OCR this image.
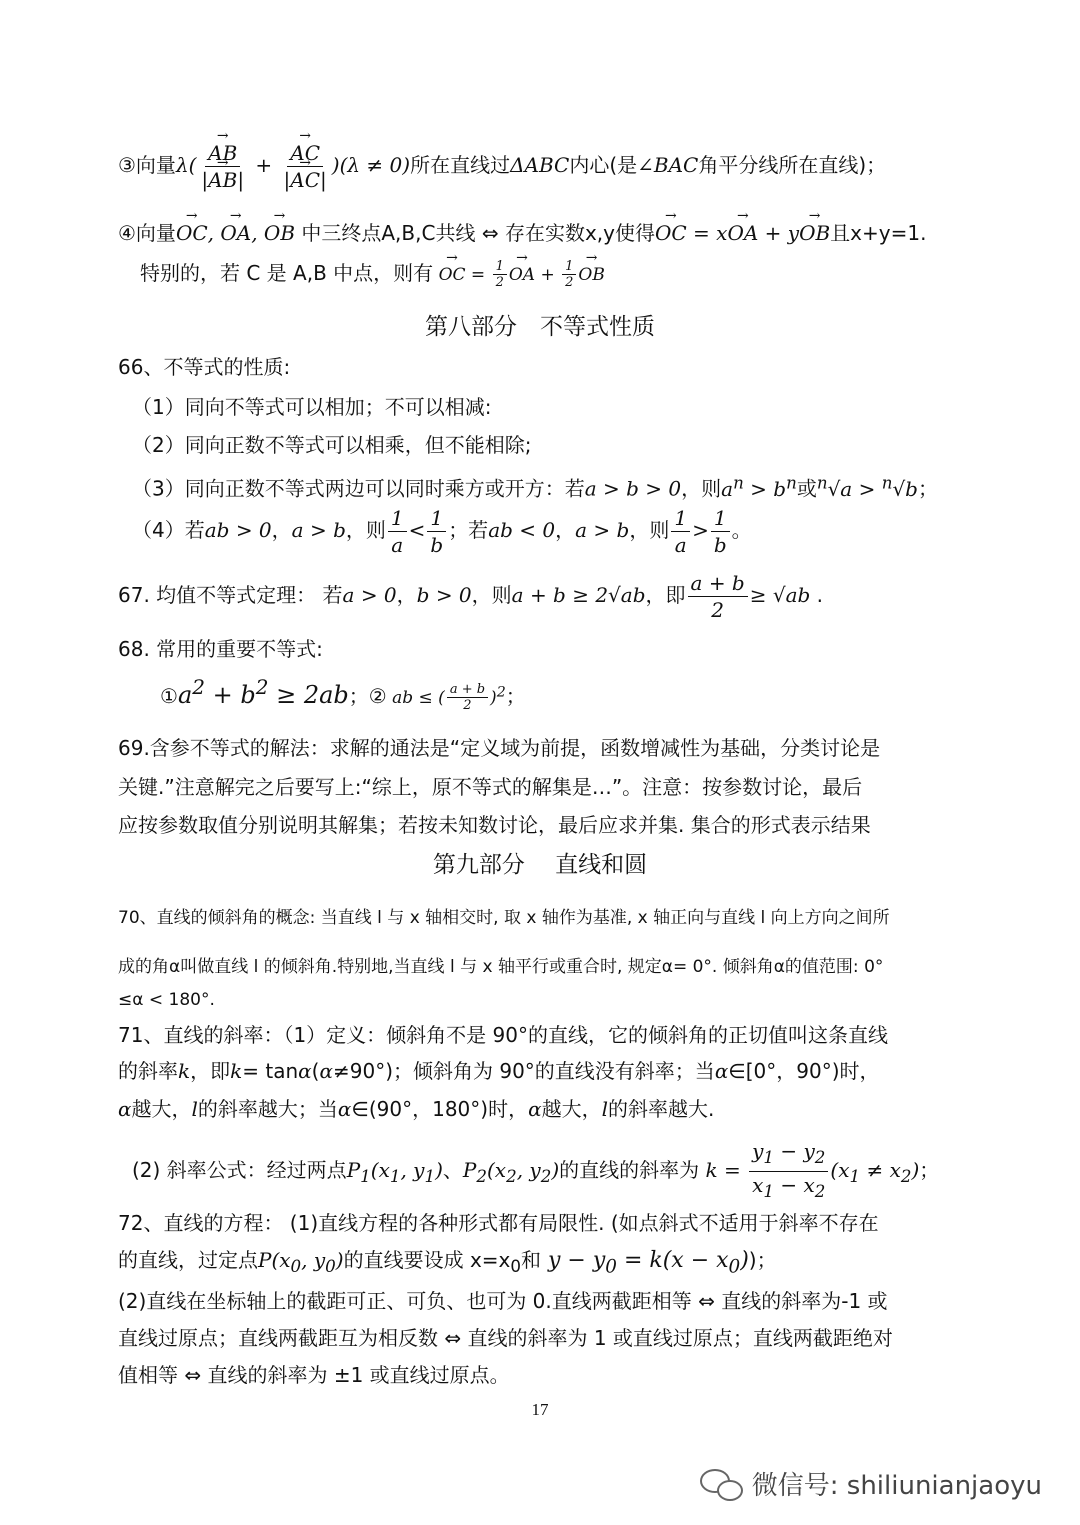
③向量λ(
→ $\frac{AB}{|\to AB|}$ +
→ $\frac{AC}{|\to AC|} )(\lambda \ne 0)$所在直线过ΔABC内心(是∠BAC角平分线所在直线)；
④向量→ OC, → OA, → OB 中三终点A,B,C共线 ⇔ 存在实数x,y使得→ OC = x→ OA + y→ OB且x+y=1.
特别的，若 C 是 A,B 中点，则有 → OC = $\frac{1}{2}$
→ OA + $\frac{1}{2}$
→ OB
第八部分　不等式性质
66、不等式的性质:
（1）同向不等式可以相加；不可以相减:
（2）同向正数不等式可以相乘，但不能相除;
（3）同向正数不等式两边可以同时乘方或开方：若a > b > 0，则$a^n > b^n$或$^n$√a > $^n$√b；
（4）若ab > 0，a > b，则 $\frac{1}{a} < \frac{1}{b}$ ；若ab < 0，a > b，则 $\frac{1}{a} > \frac{1}{b}$ 。
67. 均值不等式定理： 若a > 0，b > 0，则a + b ≥ 2√ab，即 $\frac{a + b}{2} \ge √ab$ .
68. 常用的重要不等式:
$①a^2 + b^2 \ge 2ab$；② ab ≤ ( $\frac{a + b}{2} )^2$；
69.含参不等式的解法：求解的通法是“定义域为前提，函数增减性为基础，分类讨论是
关键.”注意解完之后要写上:“综上，原不等式的解集是…”。注意：按参数讨论，最后
应按参数取值分别说明其解集；若按未知数讨论，最后应求并集. 集合的形式表示结果
第九部分　 直线和圆
70、直线的倾斜角的概念: 当直线 l 与 x 轴相交时, 取 x 轴作为基准, x 轴正向与直线 l 向上方向之间所
成的角α叫做直线 l 的倾斜角.特别地,当直线 l 与 x 轴平行或重合时, 规定α= 0°. 倾斜角α的值范围: 0°
≤α < 180°.
71、直线的斜率：（1）定义：倾斜角不是 90°的直线，它的倾斜角的正切值叫这条直线
的斜率k，即k= tanα(α≠90°)；倾斜角为 90°的直线没有斜率；当α∈[0°，90°)时，
α越大，l的斜率越大；当α∈(90°，180°)时，α越大，l的斜率越大.
(2) 斜率公式：经过两点$P_1(x_1$, $y_1$)、$P_2(x_2$, $y_2$)的直线的斜率为 $k = \frac{y_1 - y_2}{x_1 - x_2} (x_1 \ne x_2)$；
72、直线的方程： (1)直线方程的各种形式都有局限性. (如点斜式不适用于斜率不存在
的直线，过定点$P(x_0$, $y_0$)的直线要设成 $x=x_0$和 $y - y_0 = k(x - x_0)$)；
(2)直线在坐标轴上的截距可正、可负、也可为 0.直线两截距相等 ⇔ 直线的斜率为-1 或
直线过原点；直线两截距互为相反数 ⇔ 直线的斜率为 1 或直线过原点；直线两截距绝对
值相等 ⇔ 直线的斜率为 ±1 或直线过原点。
17
微信号: shiliunianjaoyu
